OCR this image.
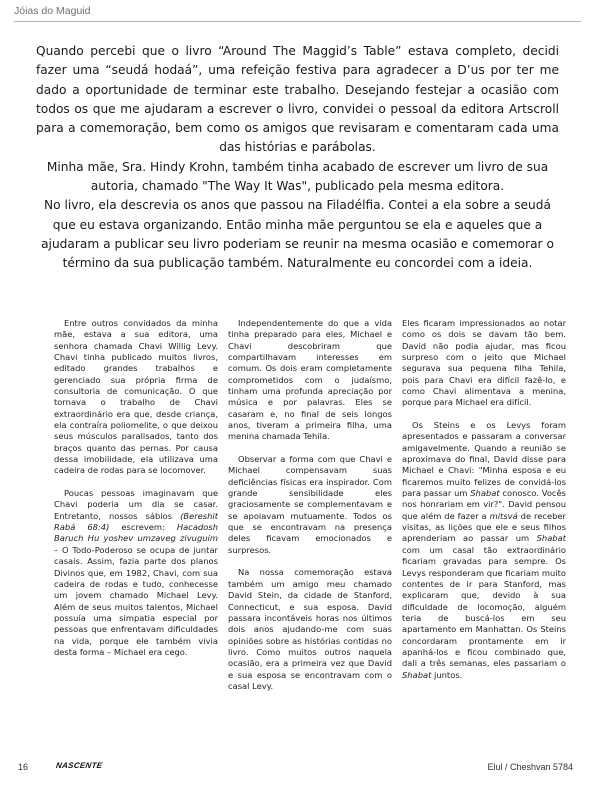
Jóias do Maguid

Quando percebi que o livro “Around The Maggid’s Table” estava completo, decidi fazer uma “seudá hodaá”, uma refeição festiva para agradecer a D’us por ter me dado a oportunidade de terminar este trabalho. Desejando festejar a ocasião com todos os que me ajudaram a escrever o livro, convidei o pessoal da editora Artscroll para a comemoração, bem como os amigos que revisaram e comentaram cada uma das histórias e parábolas.

Minha mãe, Sra. Hindy Krohn, também tinha acabado de escrever um livro de sua autoria, chamado "The Way It Was", publicado pela mesma editora.

No livro, ela descrevia os anos que passou na Filadélfia. Contei a ela sobre a seudá que eu estava organizando. Então minha mãe perguntou se ela e aqueles que a ajudaram a publicar seu livro poderiam se reunir na mesma ocasião e comemorar o término da sua publicação também. Naturalmente eu concordei com a ideia.

Entre outros convidados da minha mãe, estava a sua editora, uma senhora chamada Chavi Willig Levy. Chavi tinha publicado muitos livros, editado grandes trabalhos e gerenciado sua própria firma de consultoria de comunicação. O que tornava o trabalho de Chavi extraordinário era que, desde criança, ela contraíra poliomelite, o que deixou seus músculos paralisados, tanto dos braços quanto das pernas. Por causa dessa imobilidade, ela utilizava uma cadeira de rodas para se locomover.

Poucas pessoas imaginavam que Chavi poderia um dia se casar. Entretanto, nossos sábios (Bereshit Rabá 68:4) escrevem: Hacadosh Baruch Hu yoshev umzaveg zivuguim – O Todo-Poderoso se ocupa de juntar casais. Assim, fazia parte dos planos Divinos que, em 1982, Chavi, com sua cadeira de rodas e tudo, conhecesse um jovem chamado Michael Levy. Além de seus muitos talentos, Michael possuía uma simpatia especial por pessoas que enfrentavam dificuldades na vida, porque ele também vivia desta forma – Michael era cego.

Independentemente do que a vida tinha preparado para eles, Michael e Chavi descobriram que compartilhavam interesses em comum. Os dois eram completamente comprometidos com o judaísmo, tinham uma profunda apreciação por música e por palavras. Eles se casaram e, no final de seis longos anos, tiveram a primeira filha, uma menina chamada Tehila.

Observar a forma com que Chavi e Michael compensavam suas deficiências físicas era inspirador. Com grande sensibilidade eles graciosamente se complementavam e se apoiavam mutuamente. Todos os que se encontravam na presença deles ficavam emocionados e surpresos.

Na nossa comemoração estava também um amigo meu chamado David Stein, da cidade de Stanford, Connecticut, e sua esposa. David passara incontáveis horas nos últimos dois anos ajudando-me com suas opiniões sobre as histórias contidas no livro. Como muitos outros naquela ocasião, era a primeira vez que David e sua esposa se encontravam com o casal Levy.

Eles ficaram impressionados ao notar como os dois se davam tão bem. David não podia ajudar, mas ficou surpreso com o jeito que Michael segurava sua pequena filha Tehila, pois para Chavi era difícil fazê-lo, e como Chavi alimentava a menina, porque para Michael era difícil.

Os Steins e os Levys foram apresentados e passaram a conversar amigavelmente. Quando a reunião se aproximava do final, David disse para Michael e Chavi: "Minha esposa e eu ficaremos muito felizes de convidá-los para passar um Shabat conosco. Vocês nos honrariam em vir?". David pensou que além de fazer a mitsvá de receber visitas, as lições que ele e seus filhos aprenderiam ao passar um Shabat com um casal tão extraordinário ficariam gravadas para sempre. Os Levys responderam que ficariam muito contentes de ir para Stanford, mas explicaram que, devido à sua dificuldade de locomoção, alguém teria de buscá-los em seu apartamento em Manhattan. Os Steins concordaram prontamente em ir apanhá-los e ficou combinado que, dali a três semanas, eles passariam o Shabat juntos.

16	NASCENTE	Elul / Cheshvan 5784
